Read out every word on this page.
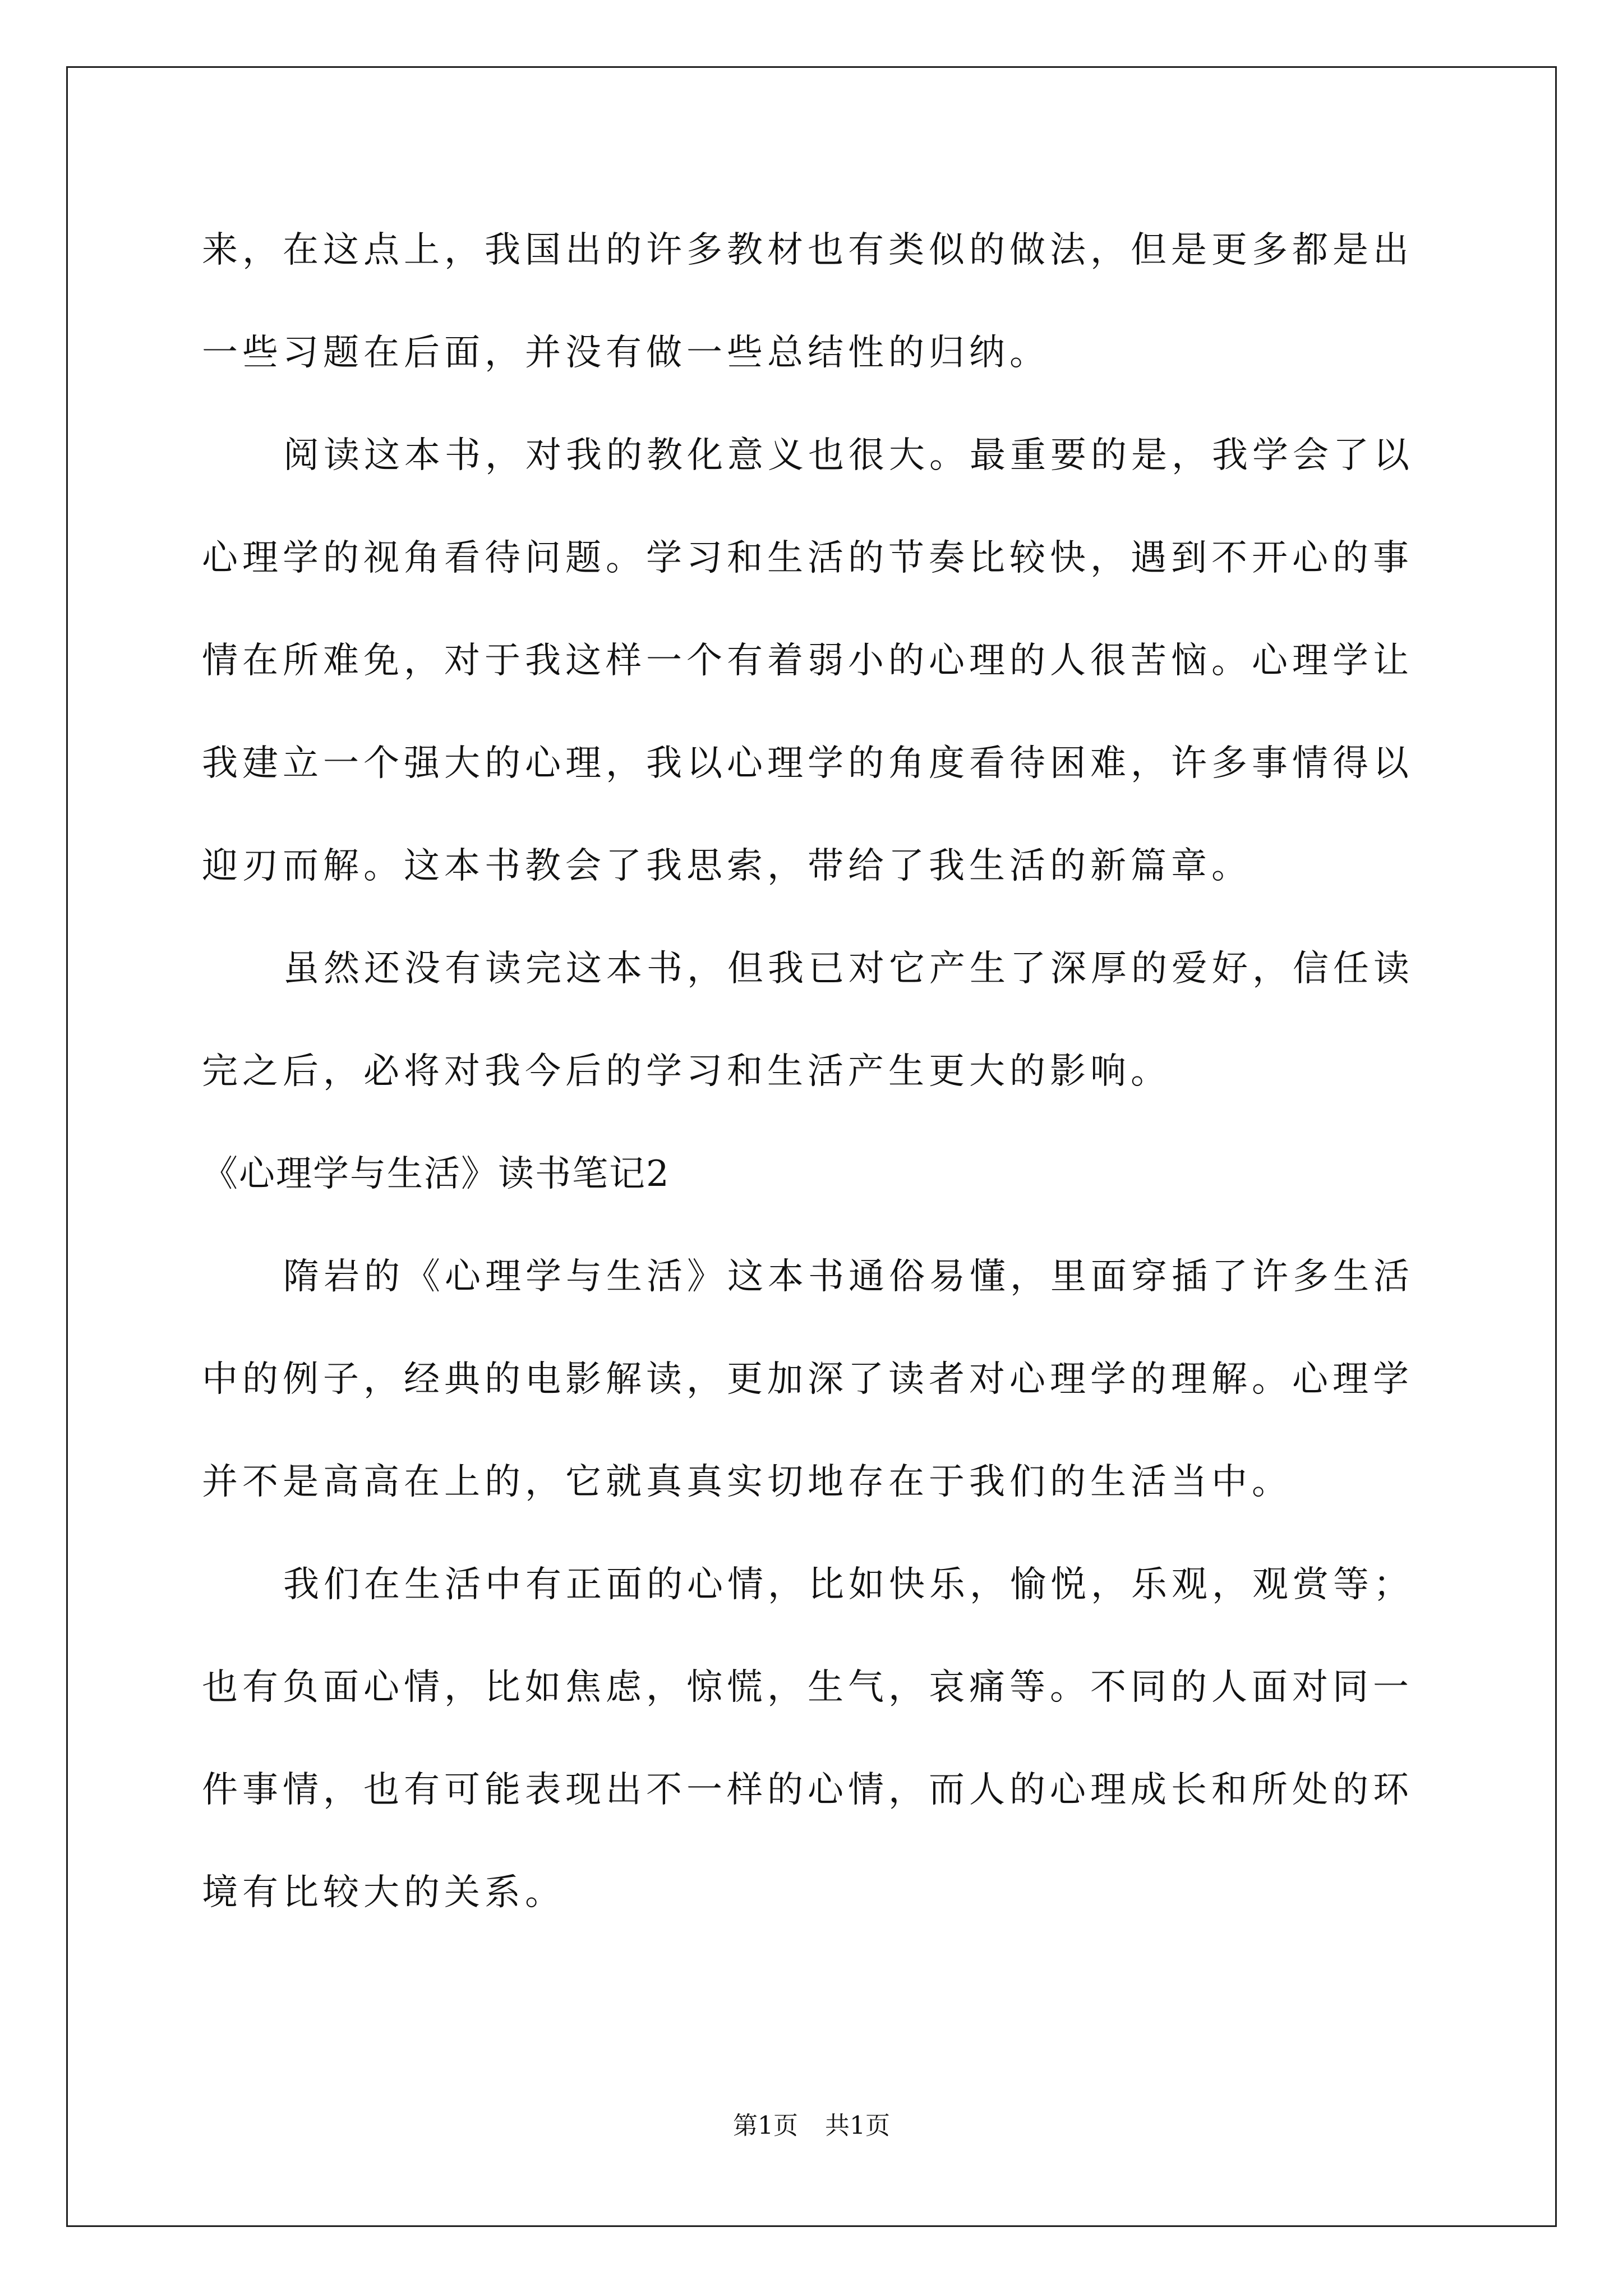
来，在这点上，我国出的许多教材也有类似的做法，但是更多都是出
一些习题在后面，并没有做一些总结性的归纳。
阅读这本书，对我的教化意义也很大。最重要的是，我学会了以
心理学的视角看待问题。学习和生活的节奏比较快，遇到不开心的事
情在所难免，对于我这样一个有着弱小的心理的人很苦恼。心理学让
我建立一个强大的心理，我以心理学的角度看待困难，许多事情得以
迎刃而解。这本书教会了我思索，带给了我生活的新篇章。
虽然还没有读完这本书，但我已对它产生了深厚的爱好，信任读
完之后，必将对我今后的学习和生活产生更大的影响。
《心理学与生活》读书笔记2
隋岩的《心理学与生活》这本书通俗易懂，里面穿插了许多生活
中的例子，经典的电影解读，更加深了读者对心理学的理解。心理学
并不是高高在上的，它就真真实切地存在于我们的生活当中。
我们在生活中有正面的心情，比如快乐，愉悦，乐观，观赏等；
也有负面心情，比如焦虑，惊慌，生气，哀痛等。不同的人面对同一
件事情，也有可能表现出不一样的心情，而人的心理成长和所处的环
境有比较大的关系。
第1页 共1页
